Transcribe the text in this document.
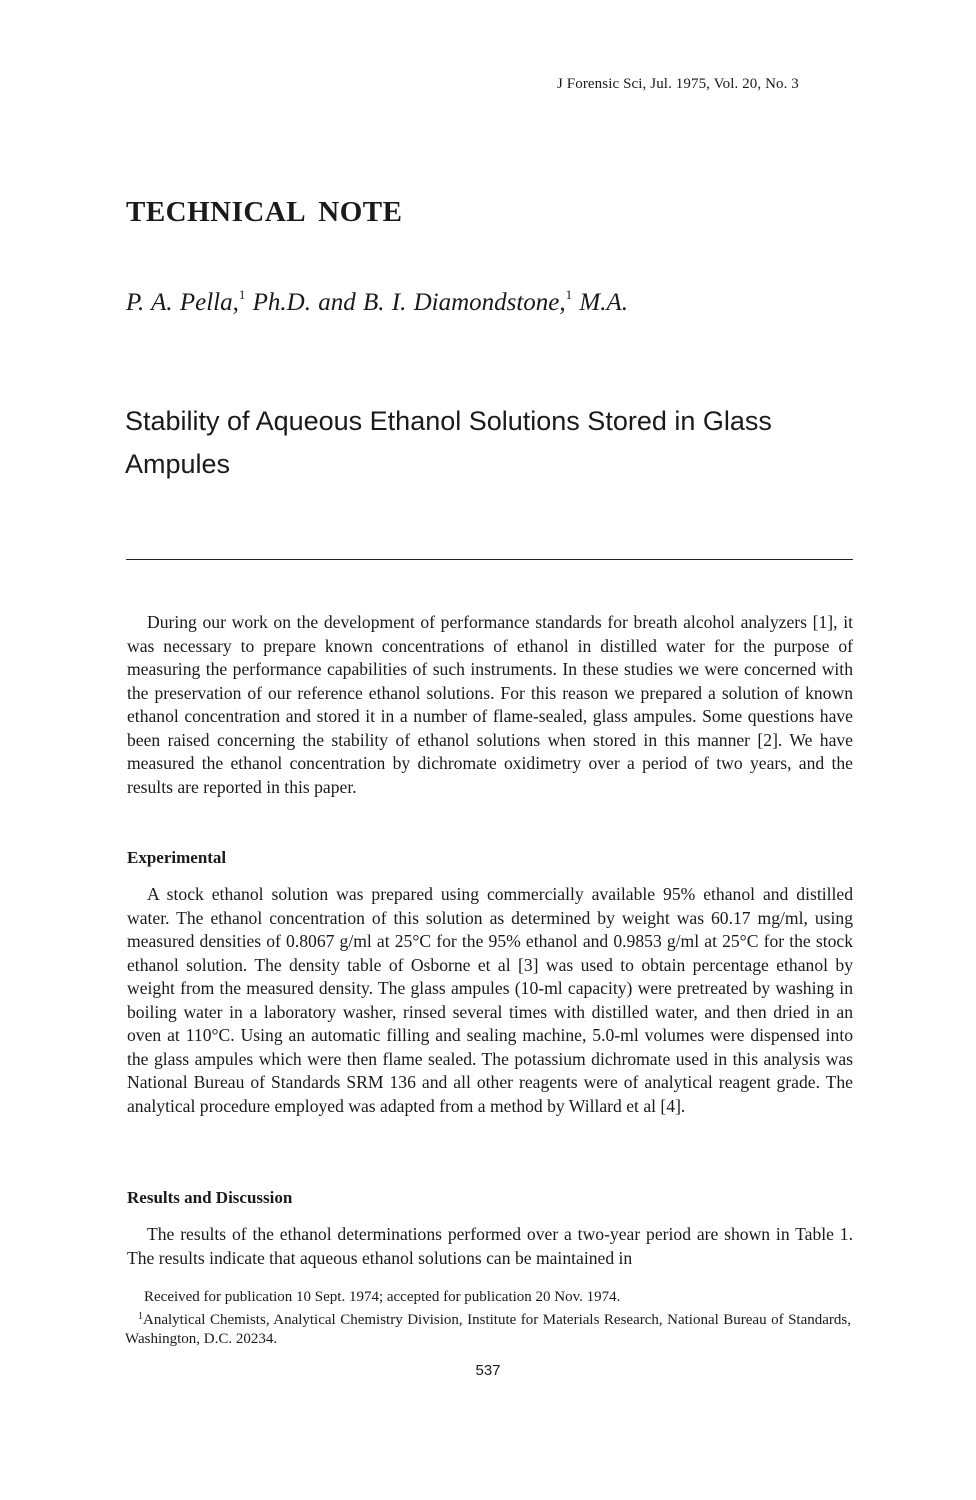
J Forensic Sci, Jul. 1975, Vol. 20, No. 3
TECHNICAL NOTE
P. A. Pella,$^1$ Ph.D. and B. I. Diamondstone,$^1$ M.A.
Stability of Aqueous Ethanol Solutions Stored in Glass Ampules

During our work on the development of performance standards for breath alcohol analyzers [1], it was necessary to prepare known concentrations of ethanol in distilled water for the purpose of measuring the performance capabilities of such instruments. In these studies we were concerned with the preservation of our reference ethanol solutions. For this reason we prepared a solution of known ethanol concentration and stored it in a number of flame-sealed, glass ampules. Some questions have been raised concerning the stability of ethanol solutions when stored in this manner [2]. We have measured the ethanol concentration by dichromate oxidimetry over a period of two years, and the results are reported in this paper.

Experimental

A stock ethanol solution was prepared using commercially available 95% ethanol and distilled water. The ethanol concentration of this solution as determined by weight was 60.17 mg/ml, using measured densities of 0.8067 g/ml at 25°C for the 95% ethanol and 0.9853 g/ml at 25°C for the stock ethanol solution. The density table of Osborne et al [3] was used to obtain percentage ethanol by weight from the measured density. The glass ampules (10-ml capacity) were pretreated by washing in boiling water in a laboratory washer, rinsed several times with distilled water, and then dried in an oven at 110°C. Using an automatic filling and sealing machine, 5.0-ml volumes were dispensed into the glass ampules which were then flame sealed. The potassium dichromate used in this analysis was National Bureau of Standards SRM 136 and all other reagents were of analytical reagent grade. The analytical procedure employed was adapted from a method by Willard et al [4].

Results and Discussion

The results of the ethanol determinations performed over a two-year period are shown in Table 1. The results indicate that aqueous ethanol solutions can be maintained in

Received for publication 10 Sept. 1974; accepted for publication 20 Nov. 1974.

$^1$Analytical Chemists, Analytical Chemistry Division, Institute for Materials Research, National Bureau of Standards, Washington, D.C. 20234.

537
